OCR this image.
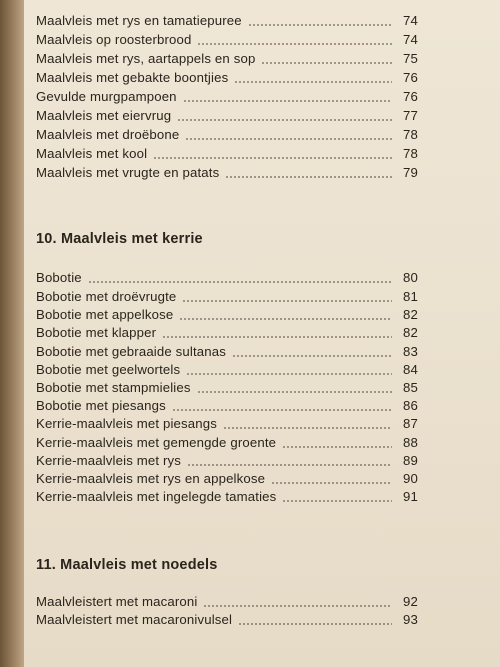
Maalvleis met rys en tamatiepuree	74
Maalvleis op roosterbrood	74
Maalvleis met rys, aartappels en sop	75
Maalvleis met gebakte boontjies	76
Gevulde murgpampoen	76
Maalvleis met eiervrug	77
Maalvleis met droëbone	78
Maalvleis met kool	78
Maalvleis met vrugte en patats	79
10. Maalvleis met kerrie
Bobotie	80
Bobotie met droëvrugte	81
Bobotie met appelkose	82
Bobotie met klapper	82
Bobotie met gebraaide sultanas	83
Bobotie met geelwortels	84
Bobotie met stampmielies	85
Bobotie met piesangs	86
Kerrie-maalvleis met piesangs	87
Kerrie-maalvleis met gemengde groente	88
Kerrie-maalvleis met rys	89
Kerrie-maalvleis met rys en appelkose	90
Kerrie-maalvleis met ingelegde tamaties	91
11. Maalvleis met noedels
Maalvleistert met macaroni	92
Maalvleistert met macaronivulsel	93
